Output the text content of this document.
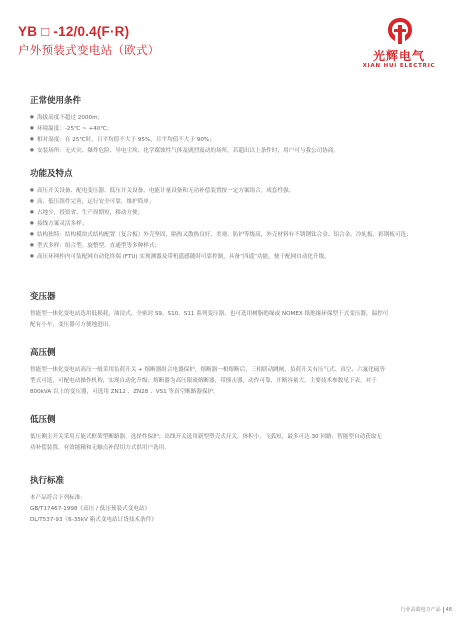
YB □ -12/0.4(F·R)
户外预装式变电站（欧式）	光辉电气
XIAN HUI ELECTRIC
正常使用条件
● 海拔高度不超过 2000m；
● 环境温度：-25℃ ~ +40℃；
● 相对湿度：在 25℃时，日平均值不大于 95%，月平均值不大于 90%；
● 安装场所：无火灾、爆炸危险、导电尘埃、化学腐蚀性气体及剧烈震动的场所，若超出以上条件时，用户可与我公司协商。
功能及特点
● 高压开关设备、配电变压器、低压开关设备、电能计量设备和无功补偿装置按一定方案组合，成套性强；
● 高、低压组件完善，运行安全可靠，维护简单；
● 占地少，投资省，生产周期短，移动方便；
● 接线方案灵活多样；
● 结构独特：结构模块式结构配置（复合板）外壳坚固，隔热又散热良好、美观、防护等级高，外壳材料有不锈钢钛合金、铝合金、冷轧板、彩钢板可选；
● 型式多样：组合型、旋整型、直通型等多种样式；
● 高压环网柜内可装配网自动化终端 (FTU) 实现测器及带机遥感随时可靠控制，具备“四遥”功能，便于配网自动化升级。
变压器
智能型一体化变电站选用低损耗、油浸式、全密封 S9、S10、S11 系列变压器，也可选用树脂绝缘或 NOMEX 纸绝缘环保型干式变压器，温控可
配有小车，变压器可方便地进出。
高压侧
智能型一体化变电站高压一般采用负荷开关 + 熔断器组合电器保护，熔断器一相熔断后，三相联动跳闸，负荷开关有压气式、真空、六氟化硫等
型式可选，可配电动操作机构，实现自动化升级；熔断器为高压限流熔断器，带撞击器，动作可靠，开断容量大，主要技术参数见下表。对于
800kVA 以上的变压器，可选用 ZN12 、ZN28 、VS1 等真空断路器保护。
低压侧
低压侧主开关采用万能式框架型断路器，选择性保护；出线开关选用新型塑壳式开关，体积小，飞弧短，最多可达 30 回路；智能型自动获取无
功补偿装置，有效能精和无触点补段切方式供用户选用。
执行标准
本产品符合下列标准：
GB/T17467-1998《高压 / 低压预装式变电站》
DL/T537-93《6-35kV 箱式变电站订货技术条件》
行业高端电力产品 48
